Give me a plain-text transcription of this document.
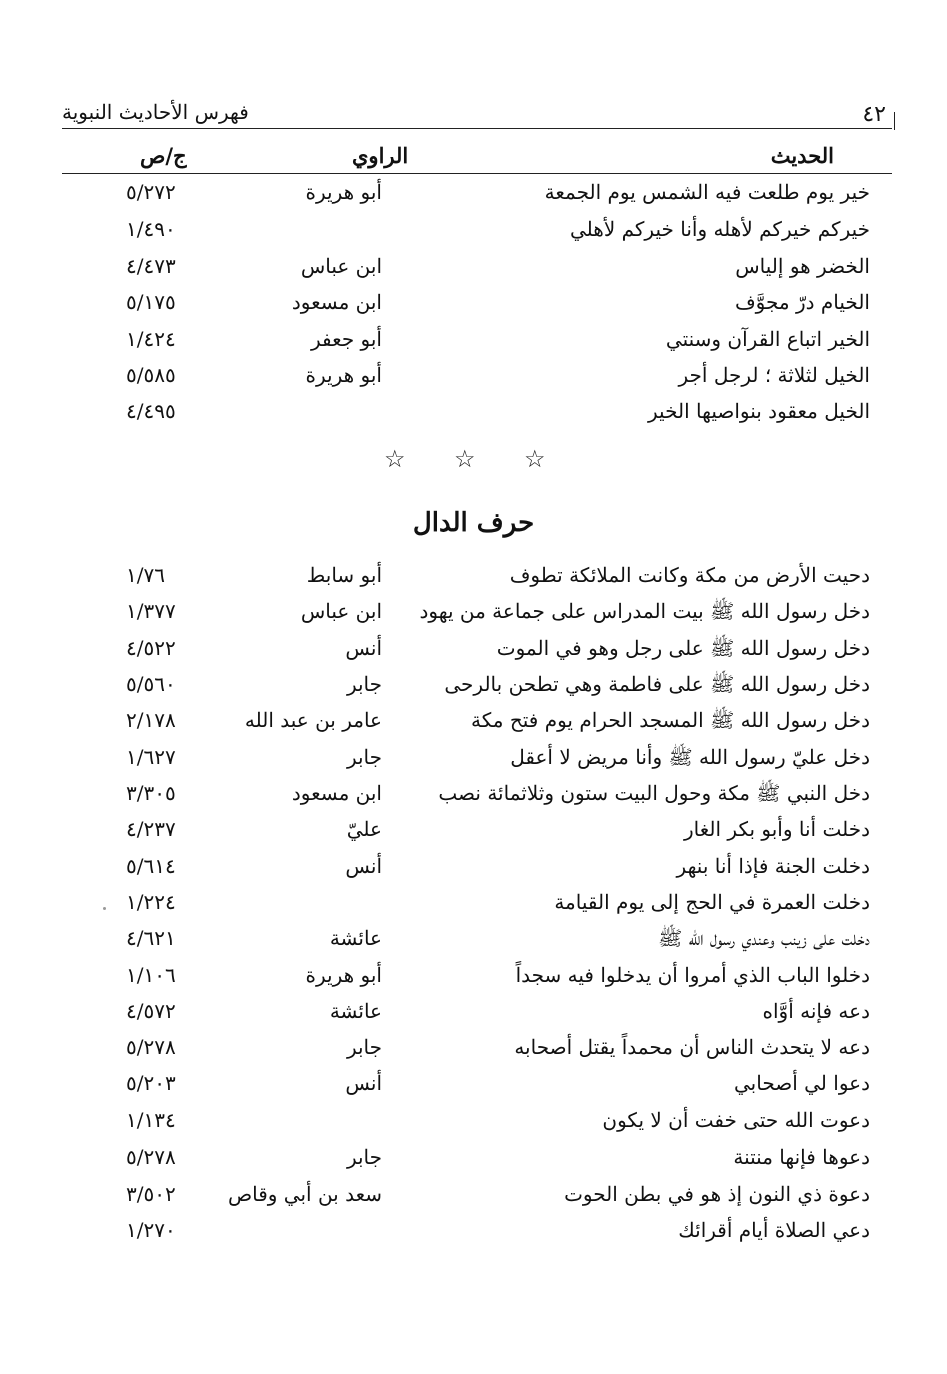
٤٢
فهرس الأحاديث النبوية
الحديث
الراوي
ج/ص
خير يوم طلعت فيه الشمس يوم الجمعة
أبو هريرة
٥/٢٧٢
خيركم خيركم لأهله وأنا خيركم لأهلي
١/٤٩٠
الخضر هو إلياس
ابن عباس
٤/٤٧٣
الخيام درّ مجوَّف
ابن مسعود
٥/١٧٥
الخير اتباع القرآن وسنتي
أبو جعفر
١/٤٢٤
الخيل لثلاثة ؛ لرجل أجر
أبو هريرة
٥/٥٨٥
الخيل معقود بنواصيها الخير
٤/٤٩٥
☆ ☆ ☆
حرف الدال
دحيت الأرض من مكة وكانت الملائكة تطوف
أبو سابط
١/٧٦
دخل رسول الله ﷺ بيت المدراس على جماعة من يهود
ابن عباس
١/٣٧٧
دخل رسول الله ﷺ على رجل وهو في الموت
أنس
٤/٥٢٢
دخل رسول الله ﷺ على فاطمة وهي تطحن بالرحى
جابر
٥/٥٦٠
دخل رسول الله ﷺ المسجد الحرام يوم فتح مكة
عامر بن عبد الله
٢/١٧٨
دخل عليّ رسول الله ﷺ وأنا مريض لا أعقل
جابر
١/٦٢٧
دخل النبي ﷺ مكة وحول البيت ستون وثلاثمائة نصب
ابن مسعود
٣/٣٠٥
دخلت أنا وأبو بكر الغار
عليّ
٤/٢٣٧
دخلت الجنة فإذا أنا بنهر
أنس
٥/٦١٤
دخلت العمرة في الحج إلى يوم القيامة
١/٢٢٤
دخلت على زينب وعندي رسول الله ﷺ
عائشة
٤/٦٢١
دخلوا الباب الذي أمروا أن يدخلوا فيه سجداً
أبو هريرة
١/١٠٦
دعه فإنه أوَّاه
عائشة
٤/٥٧٢
دعه لا يتحدث الناس أن محمداً يقتل أصحابه
جابر
٥/٢٧٨
دعوا لي أصحابي
أنس
٥/٢٠٣
دعوت الله حتى خفت أن لا يكون
١/١٣٤
دعوها فإنها منتنة
جابر
٥/٢٧٨
دعوة ذي النون إذ هو في بطن الحوت
سعد بن أبي وقاص
٣/٥٠٢
دعي الصلاة أيام أقرائك
١/٢٧٠
